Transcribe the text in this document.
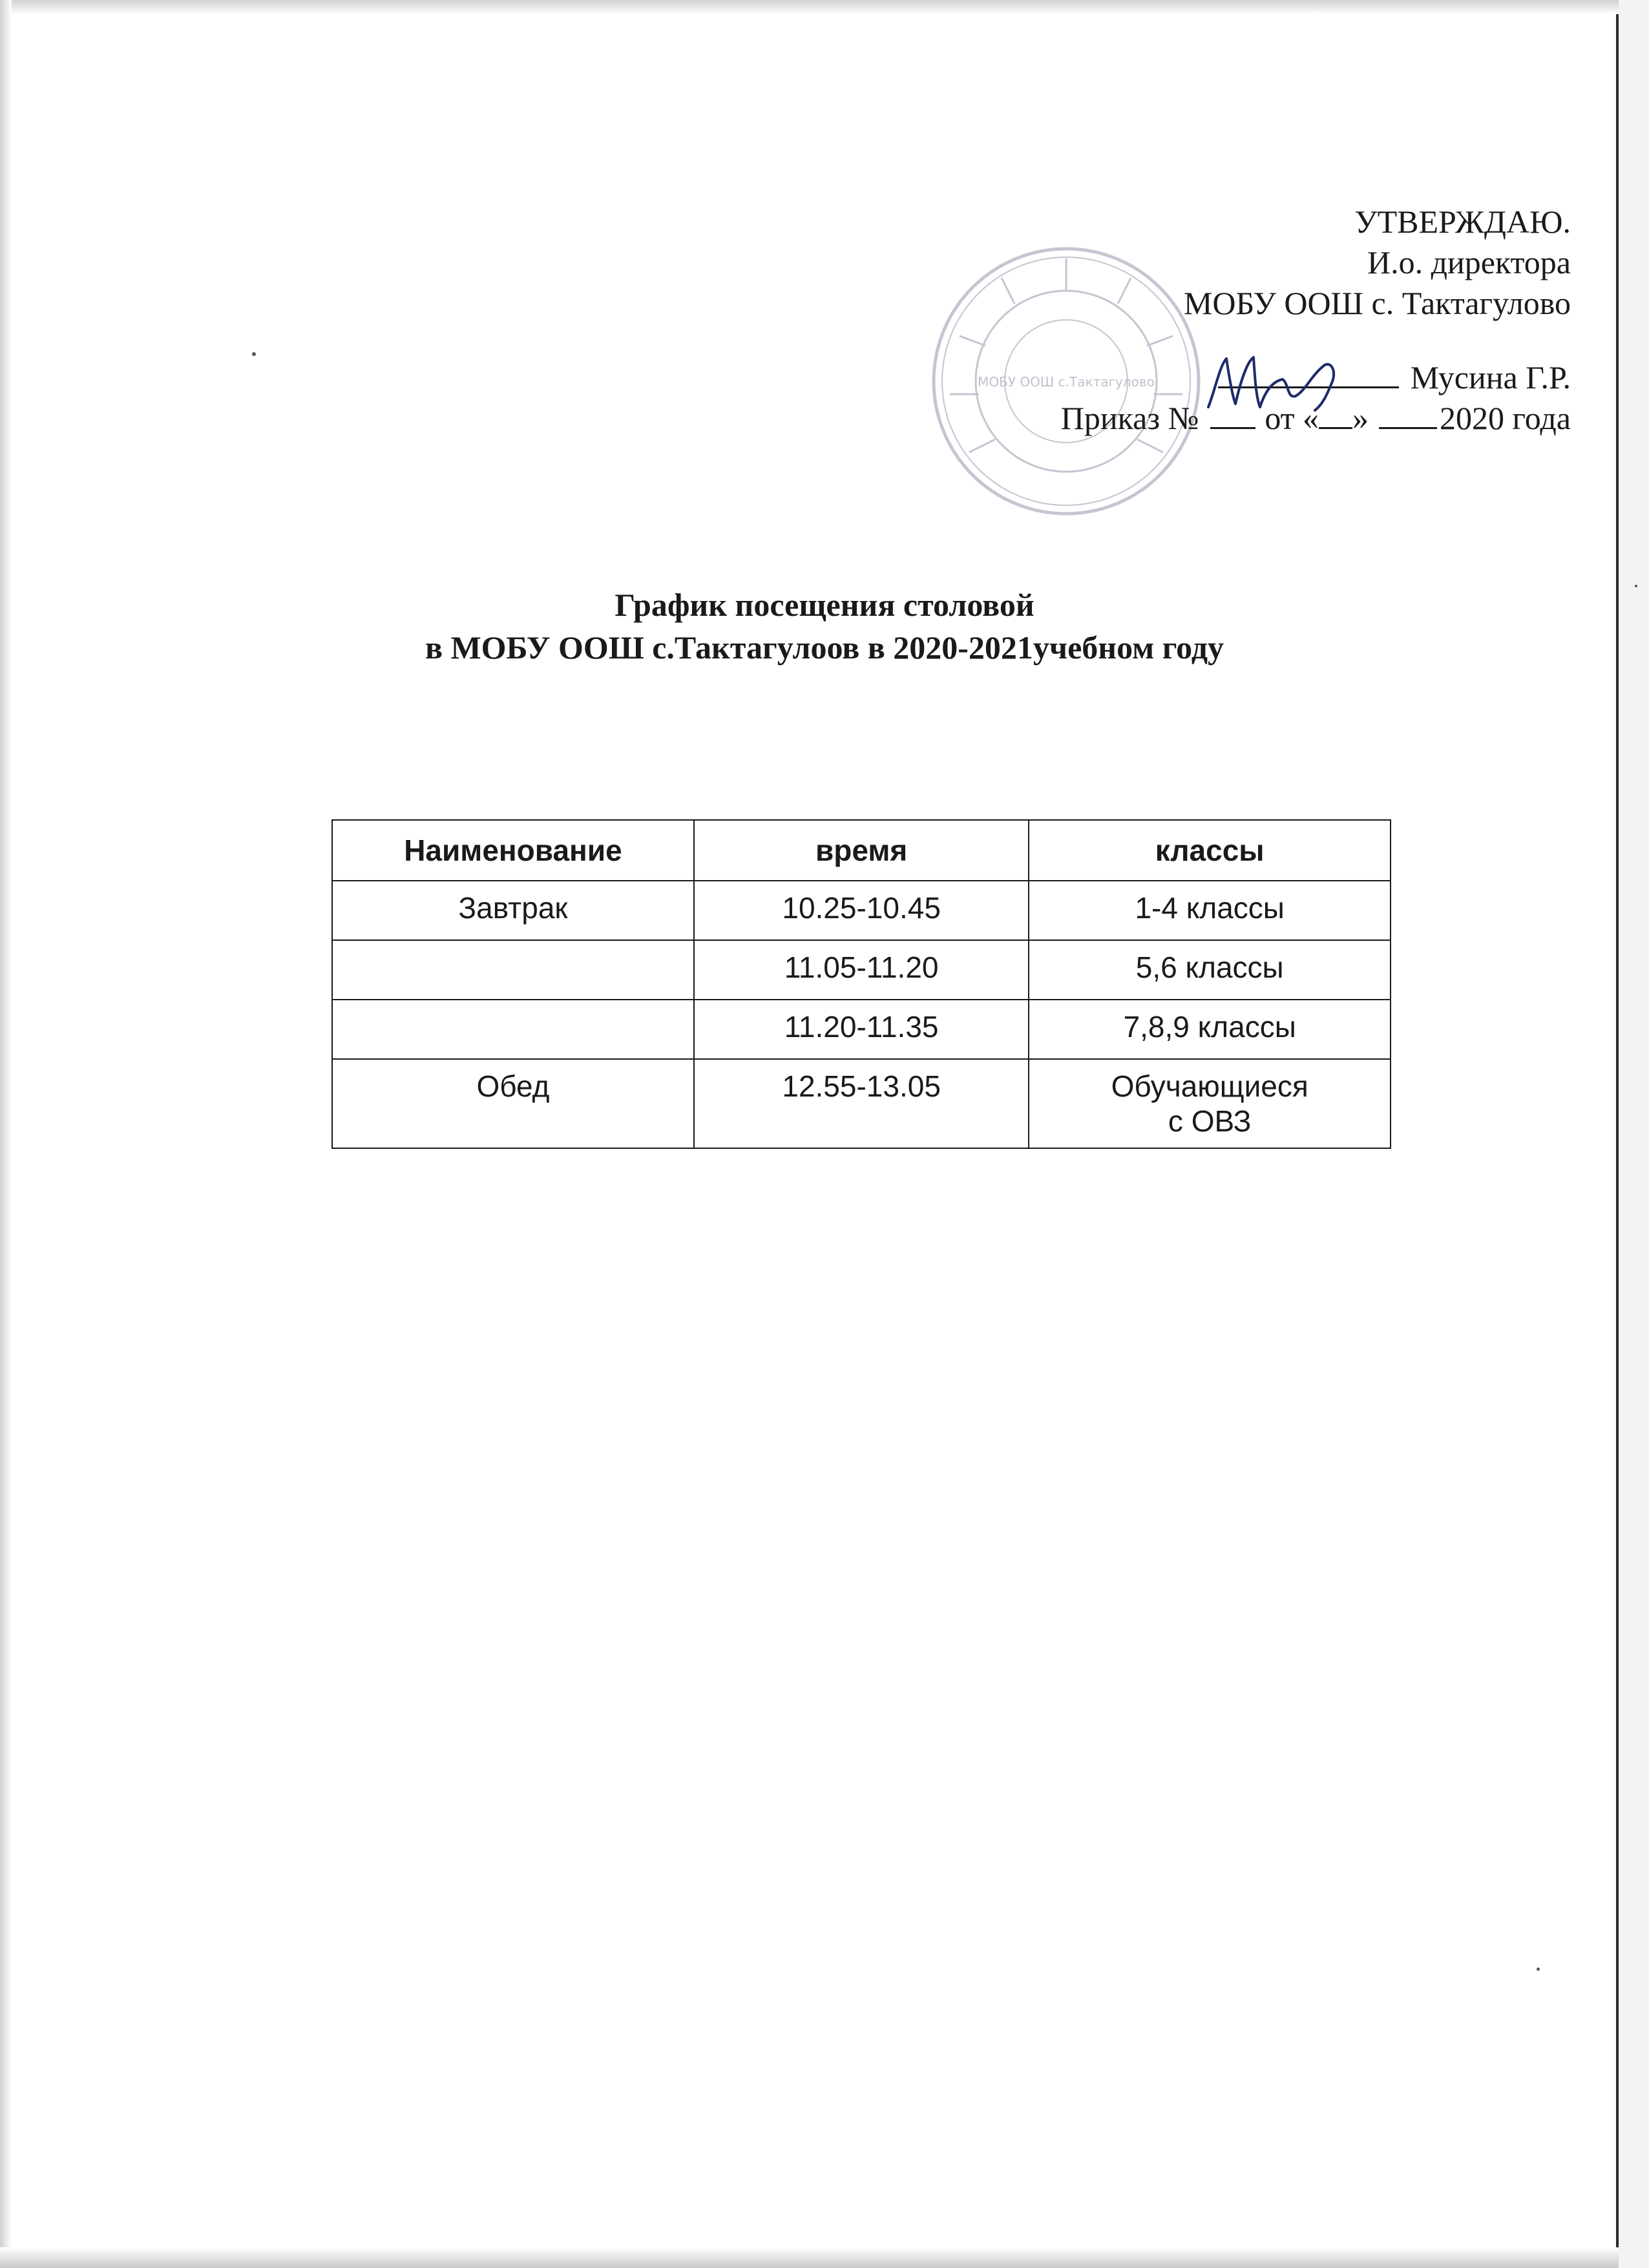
МОБУ ООШ с.Тактагулово
УТВЕРЖДАЮ.
И.о. директора
МОБУ ООШ с. Тактагулово
Мусина Г.Р.
Приказ № от « » 2020 года
График посещения столовой
в МОБУ ООШ с.Тактагулоов в 2020-2021учебном году
Наименование	время	классы

Завтрак	10.25-10.45	1-4 классы

	11.05-11.20	5,6 классы

	11.20-11.35	7,8,9 классы

Обед	12.55-13.05	Обучающиеся
с ОВЗ
